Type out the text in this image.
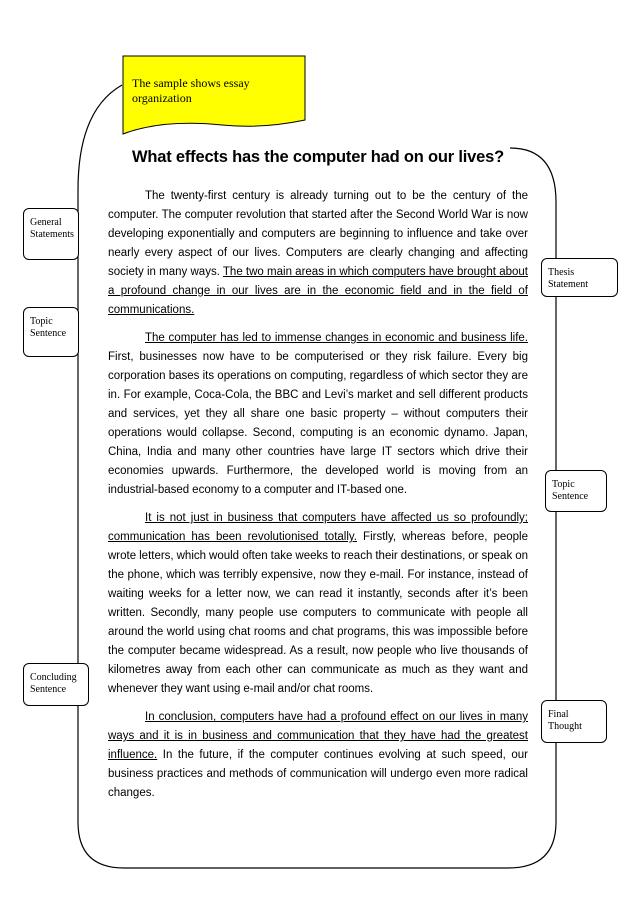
The sample shows essay organization
General
Statements
Topic
Sentence
Thesis
Statement
Topic
Sentence
Concluding
Sentence
Final
Thought
What effects has the computer had on our lives?

The twenty-first century is already turning out to be the century of the computer. The computer revolution that started after the Second World War is now developing exponentially and computers are beginning to influence and take over nearly every aspect of our lives. Computers are clearly changing and affecting society in many ways. The two main areas in which computers have brought about a profound change in our lives are in the economic field and in the field of communications.

The computer has led to immense changes in economic and business life. First, businesses now have to be computerised or they risk failure. Every big corporation bases its operations on computing, regardless of which sector they are in. For example, Coca-Cola, the BBC and Levi’s market and sell different products and services, yet they all share one basic property – without computers their operations would collapse. Second, computing is an economic dynamo. Japan, China, India and many other countries have large IT sectors which drive their economies upwards. Furthermore, the developed world is moving from an industrial-based economy to a computer and IT-based one.

It is not just in business that computers have affected us so profoundly; communication has been revolutionised totally. Firstly, whereas before, people wrote letters, which would often take weeks to reach their destinations, or speak on the phone, which was terribly expensive, now they e-mail. For instance, instead of waiting weeks for a letter now, we can read it instantly, seconds after it’s been written. Secondly, many people use computers to communicate with people all around the world using chat rooms and chat programs, this was impossible before the computer became widespread. As a result, now people who live thousands of kilometres away from each other can communicate as much as they want and whenever they want using e-mail and/or chat rooms.

In conclusion, computers have had a profound effect on our lives in many ways and it is in business and communication that they have had the greatest influence. In the future, if the computer continues evolving at such speed, our business practices and methods of communication will undergo even more radical changes.
